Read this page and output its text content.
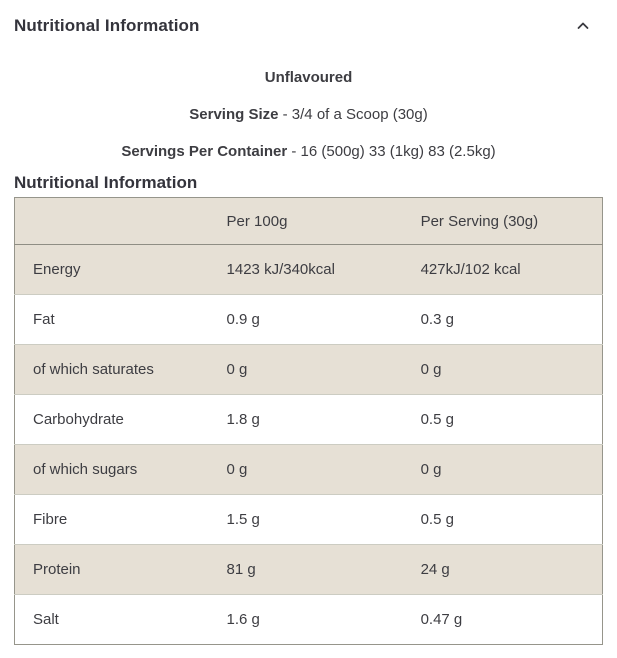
Nutritional Information
Unflavoured
Serving Size - 3/4 of a Scoop (30g)
Servings Per Container - 16 (500g) 33 (1kg) 83 (2.5kg)
Nutritional Information
	Per 100g	Per Serving (30g)
Energy	1423 kJ/340kcal	427kJ/102 kcal
Fat	0.9 g	0.3 g
of which saturates	0 g	0 g
Carbohydrate	1.8 g	0.5 g
of which sugars	0 g	0 g
Fibre	1.5 g	0.5 g
Protein	81 g	24 g
Salt	1.6 g	0.47 g
